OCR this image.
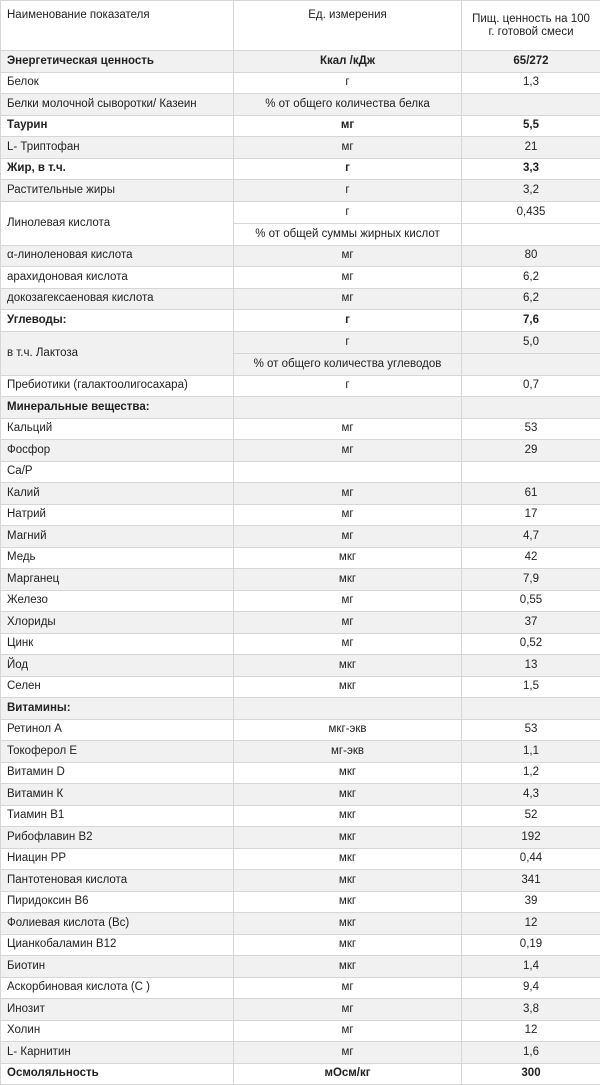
Наименование показателя	Ед. измерения	Пищ. ценность на 100 г. готовой смеси
Энергетическая ценность	Ккал /кДж	65/272
Белок	г	1,3
Белки молочной сыворотки/ Казеин	% от общего количества белка	
Таурин	мг	5,5
L- Триптофан	мг	21
Жир, в т.ч.	г	3,3
Растительные жиры	г	3,2
Линолевая кислота	г	0,435
	% от общей суммы жирных кислот	
α-линоленовая кислота	мг	80
арахидоновая кислота	мг	6,2
докозагексаеновая кислота	мг	6,2
Углеводы:	г	7,6
в т.ч. Лактоза	г	5,0
	% от общего количества углеводов	
Пребиотики (галактоолигосахара)	г	0,7
Минеральные вещества:		
Кальций	мг	53
Фосфор	мг	29
Ca/P		
Калий	мг	61
Натрий	мг	17
Магний	мг	4,7
Медь	мкг	42
Марганец	мкг	7,9
Железо	мг	0,55
Хлориды	мг	37
Цинк	мг	0,52
Йод	мкг	13
Селен	мкг	1,5
Витамины:		
Ретинол А	мкг-экв	53
Токоферол Е	мг-экв	1,1
Витамин D	мкг	1,2
Витамин К	мкг	4,3
Тиамин В1	мкг	52
Рибофлавин В2	мкг	192
Ниацин РР	мкг	0,44
Пантотеновая кислота	мкг	341
Пиридоксин В6	мкг	39
Фолиевая кислота (Вс)	мкг	12
Цианкобаламин В12	мкг	0,19
Биотин	мкг	1,4
Аскорбиновая кислота (С )	мг	9,4
Инозит	мг	3,8
Холин	мг	12
L- Карнитин	мг	1,6
Осмоляльность	мОсм/кг	300
